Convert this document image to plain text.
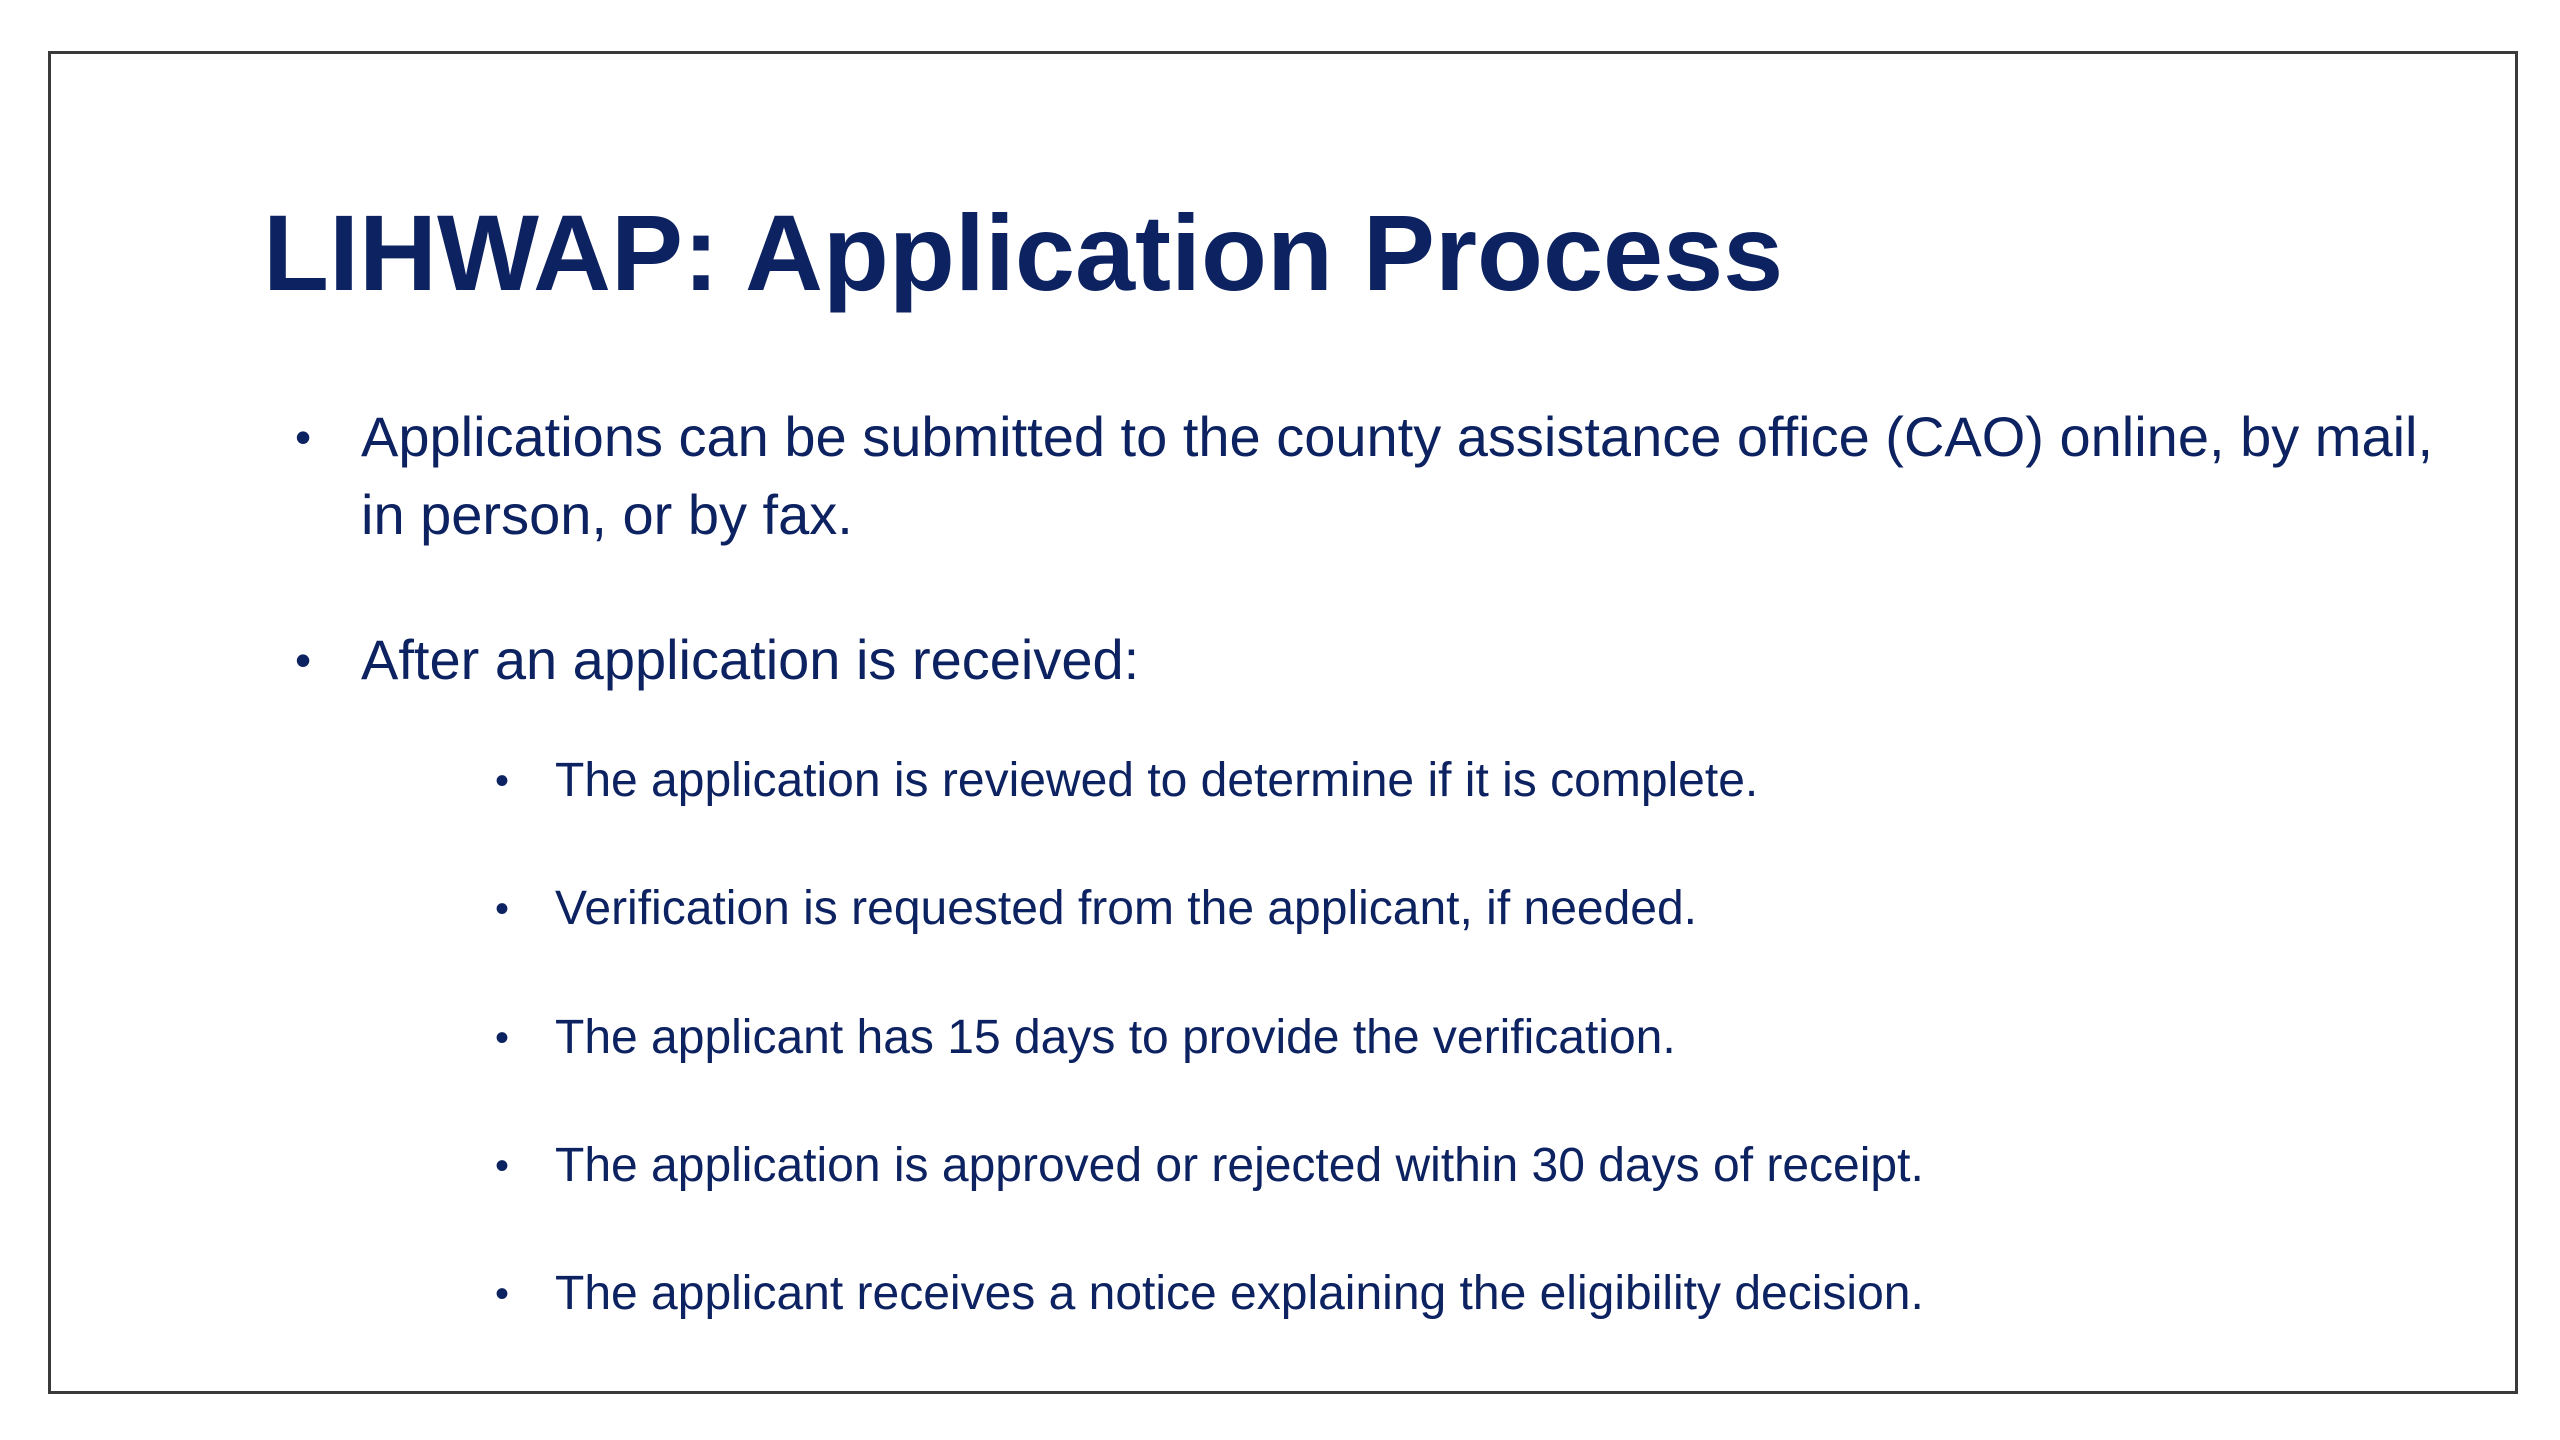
LIHWAP: Application Process
• Applications can be submitted to the county assistance office (CAO) online, by mail, in person, or by fax.
• After an application is received:
• The application is reviewed to determine if it is complete.
• Verification is requested from the applicant, if needed.
• The applicant has 15 days to provide the verification.
• The application is approved or rejected within 30 days of receipt.
• The applicant receives a notice explaining the eligibility decision.
